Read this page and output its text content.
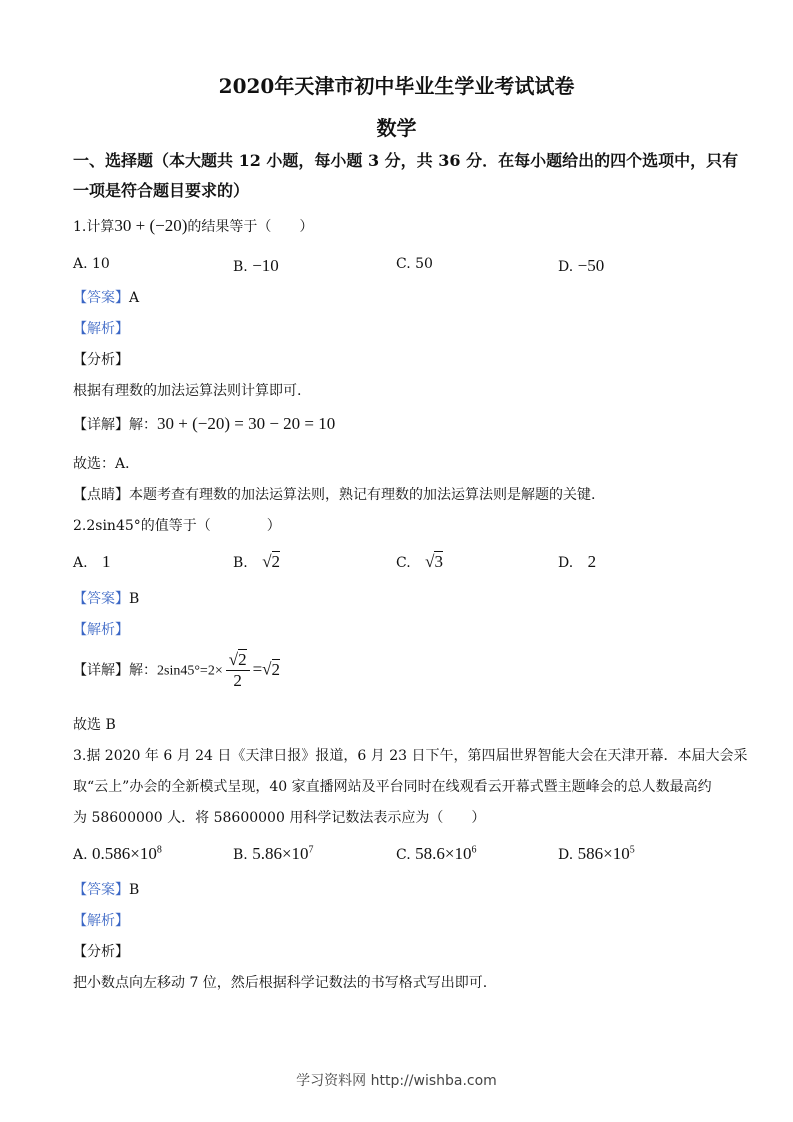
2020年天津市初中毕业生学业考试试卷
数学
一、选择题（本大题共 12 小题，每小题 3 分，共 36 分．在每小题给出的四个选项中，只有
一项是符合题目要求的）
1.计算30 + (−20)的结果等于（　　）
A. 10	B. −10	C. 50	D. −50
【答案】A
【解析】
【分析】
根据有理数的加法运算法则计算即可.
【详解】解：30 + (−20) = 30 − 20 = 10
故选：A．
【点睛】本题考查有理数的加法运算法则，熟记有理数的加法运算法则是解题的关键.
2.2sin45°的值等于（　　　　）
A. 1	B. √2	C. √3	D. 2
【答案】B
【解析】
【详解】解：$2\sin 45^\circ=2\times \frac{√2}{2} =√2$
故选 B
3.据 2020 年 6 月 24 日《天津日报》报道，6 月 23 日下午，第四届世界智能大会在天津开幕．本届大会采
取“云上”办会的全新模式呈现，40 家直播网站及平台同时在线观看云开幕式暨主题峰会的总人数最高约
为 58600000 人．将 58600000 用科学记数法表示应为（　　）
A. $0.586\times 10^8$	B. $5.86\times 10^7$	C. $58.6\times 10^6$	D. $586\times 10^5$
【答案】B
【解析】
【分析】
把小数点向左移动 7 位，然后根据科学记数法的书写格式写出即可.
学习资料网 http://wishba.com
